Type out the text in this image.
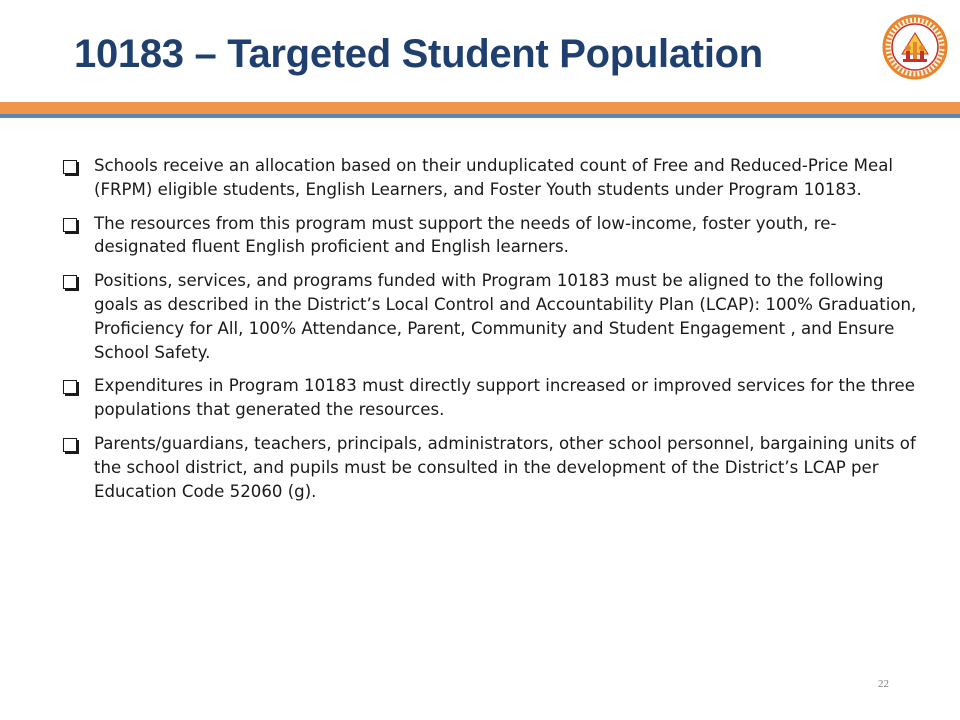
10183 – Targeted Student Population
Schools receive an allocation based on their unduplicated count of Free and Reduced-Price Meal (FRPM) eligible students, English Learners, and Foster Youth students under Program 10183.
The resources from this program must support the needs of low-income, foster youth, re-designated fluent English proficient and English learners.
Positions, services, and programs funded with Program 10183 must be aligned to the following goals as described in the District’s Local Control and Accountability Plan (LCAP): 100% Graduation, Proficiency for All, 100% Attendance, Parent, Community and Student Engagement , and Ensure School Safety.
Expenditures in Program 10183 must directly support increased or improved services for the three populations that generated the resources.
Parents/guardians, teachers, principals, administrators, other school personnel, bargaining units of the school district, and pupils must be consulted in the development of the District’s LCAP per Education Code 52060 (g).
22
